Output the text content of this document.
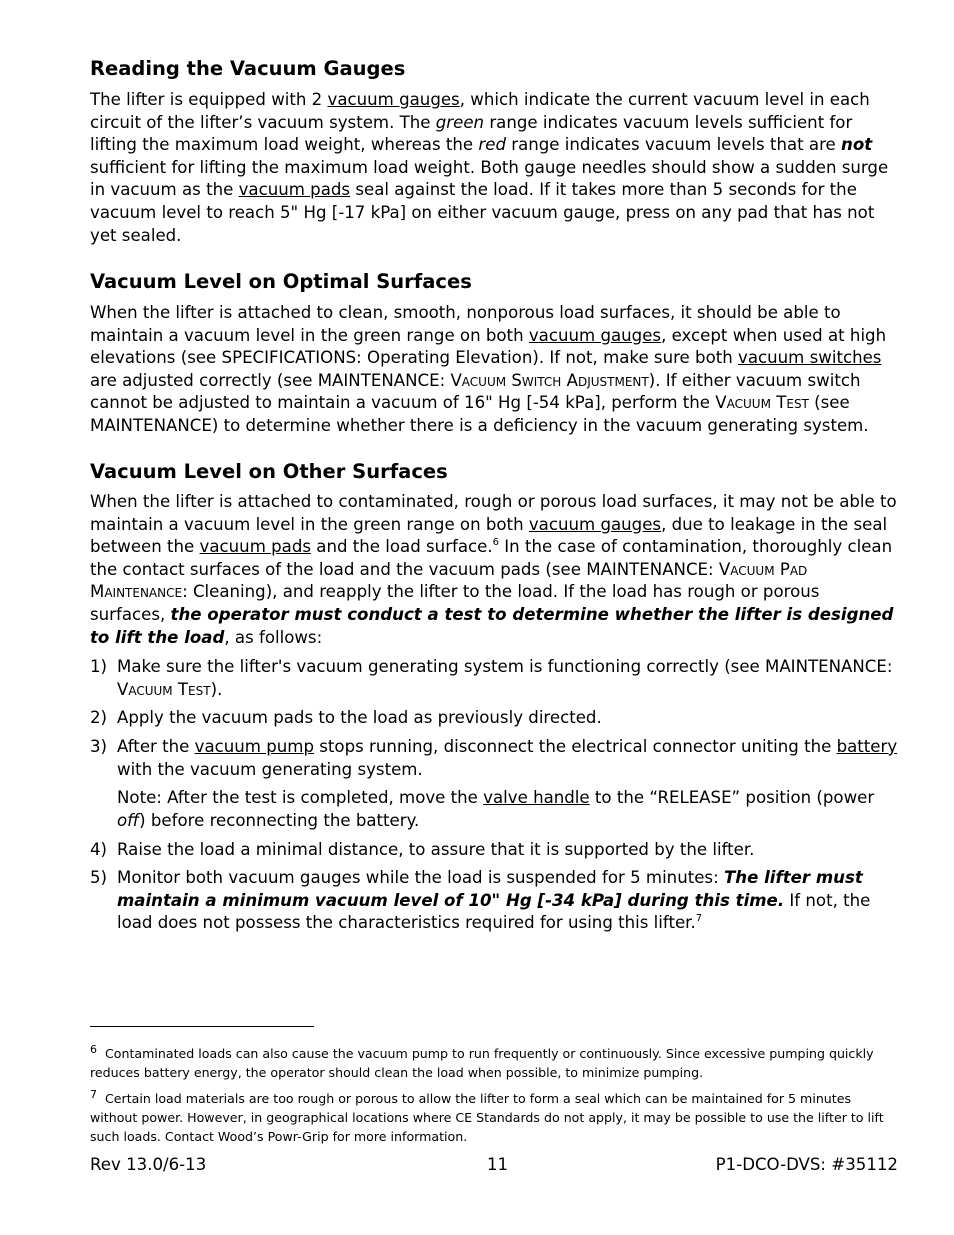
Reading the Vacuum Gauges

The lifter is equipped with 2 vacuum gauges, which indicate the current vacuum level in each circuit of the lifter’s vacuum system. The green range indicates vacuum levels sufficient for lifting the maximum load weight, whereas the red range indicates vacuum levels that are not sufficient for lifting the maximum load weight. Both gauge needles should show a sudden surge in vacuum as the vacuum pads seal against the load. If it takes more than 5 seconds for the vacuum level to reach 5" Hg [-17 kPa] on either vacuum gauge, press on any pad that has not yet sealed.

Vacuum Level on Optimal Surfaces

When the lifter is attached to clean, smooth, nonporous load surfaces, it should be able to maintain a vacuum level in the green range on both vacuum gauges, except when used at high elevations (see SPECIFICATIONS: Operating Elevation). If not, make sure both vacuum switches are adjusted correctly (see MAINTENANCE: Vacuum Switch Adjustment). If either vacuum switch cannot be adjusted to maintain a vacuum of 16" Hg [-54 kPa], perform the Vacuum Test (see MAINTENANCE) to determine whether there is a deficiency in the vacuum generating system.

Vacuum Level on Other Surfaces

When the lifter is attached to contaminated, rough or porous load surfaces, it may not be able to maintain a vacuum level in the green range on both vacuum gauges, due to leakage in the seal between the vacuum pads and the load surface.$^6$ In the case of contamination, thoroughly clean the contact surfaces of the load and the vacuum pads (see MAINTENANCE: Vacuum Pad Maintenance: Cleaning), and reapply the lifter to the load. If the load has rough or porous surfaces, the operator must conduct a test to determine whether the lifter is designed to lift the load, as follows:

1) Make sure the lifter's vacuum generating system is functioning correctly (see MAINTENANCE: Vacuum Test).
2) Apply the vacuum pads to the load as previously directed.
3) After the vacuum pump stops running, disconnect the electrical connector uniting the battery with the vacuum generating system.
Note: After the test is completed, move the valve handle to the “RELEASE” position (power off) before reconnecting the battery.
4) Raise the load a minimal distance, to assure that it is supported by the lifter.
5) Monitor both vacuum gauges while the load is suspended for 5 minutes: The lifter must maintain a minimum vacuum level of 10" Hg [-34 kPa] during this time. If not, the load does not possess the characteristics required for using this lifter.$^7$

$^6$ Contaminated loads can also cause the vacuum pump to run frequently or continuously. Since excessive pumping quickly reduces battery energy, the operator should clean the load when possible, to minimize pumping.

$^7$ Certain load materials are too rough or porous to allow the lifter to form a seal which can be maintained for 5 minutes without power. However, in geographical locations where CE Standards do not apply, it may be possible to use the lifter to lift such loads. Contact Wood’s Powr-Grip for more information.

Rev 13.0/6-13	11	P1-DCO-DVS: #35112
